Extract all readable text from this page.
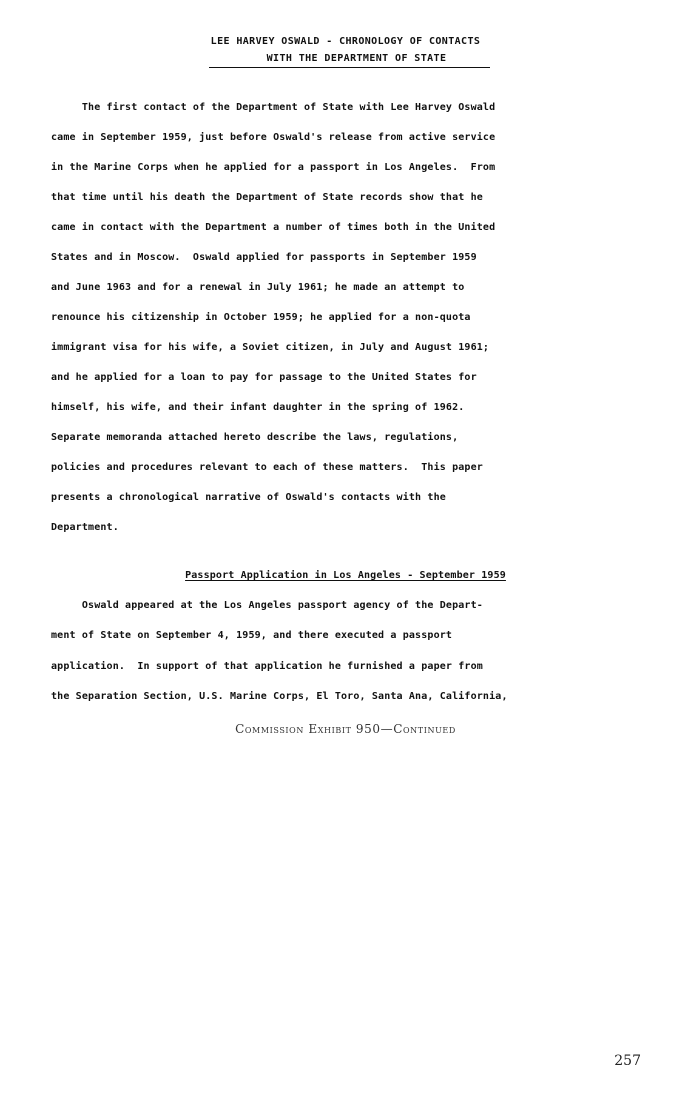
LEE HARVEY OSWALD - CHRONOLOGY OF CONTACTS
WITH THE DEPARTMENT OF STATE
The first contact of the Department of State with Lee Harvey Oswald
came in September 1959, just before Oswald's release from active service
in the Marine Corps when he applied for a passport in Los Angeles.  From
that time until his death the Department of State records show that he
came in contact with the Department a number of times both in the United
States and in Moscow.  Oswald applied for passports in September 1959
and June 1963 and for a renewal in July 1961; he made an attempt to
renounce his citizenship in October 1959; he applied for a non-quota
immigrant visa for his wife, a Soviet citizen, in July and August 1961;
and he applied for a loan to pay for passage to the United States for
himself, his wife, and their infant daughter in the spring of 1962.
Separate memoranda attached hereto describe the laws, regulations,
policies and procedures relevant to each of these matters.  This paper
presents a chronological narrative of Oswald's contacts with the
Department.
Passport Application in Los Angeles - September 1959
Oswald appeared at the Los Angeles passport agency of the Depart-
ment of State on September 4, 1959, and there executed a passport
application.  In support of that application he furnished a paper from
the Separation Section, U.S. Marine Corps, El Toro, Santa Ana, California,
Commission Exhibit 950—Continued
257
